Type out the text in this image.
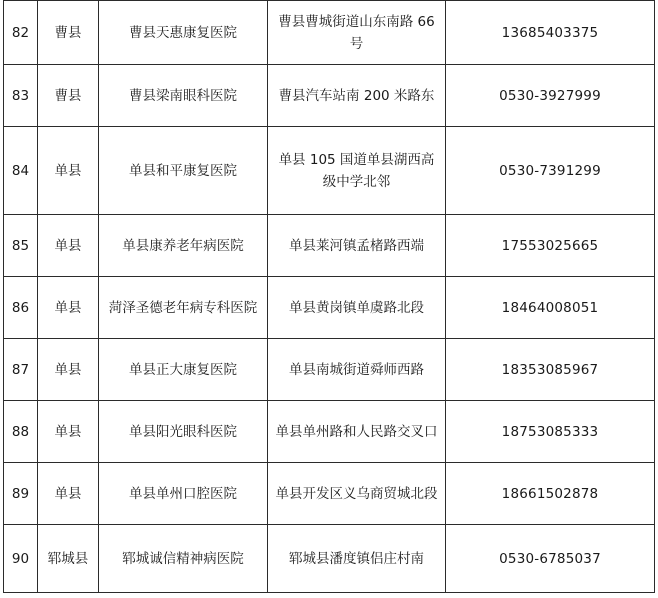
82	曹县	曹县天惠康复医院	曹县曹城街道山东南路 66 号	13685403375
83	曹县	曹县梁南眼科医院	曹县汽车站南 200 米路东	0530-3927999
84	单县	单县和平康复医院	单县 105 国道单县湖西高级中学北邻	0530-7391299
85	单县	单县康养老年病医院	单县莱河镇孟楮路西端	17553025665
86	单县	菏泽圣德老年病专科医院	单县黄岗镇单虞路北段	18464008051
87	单县	单县正大康复医院	单县南城街道舜师西路	18353085967
88	单县	单县阳光眼科医院	单县单州路和人民路交叉口	18753085333
89	单县	单县单州口腔医院	单县开发区义乌商贸城北段	18661502878
90	郓城县	郓城诚信精神病医院	郓城县潘度镇侣庄村南	0530-6785037
